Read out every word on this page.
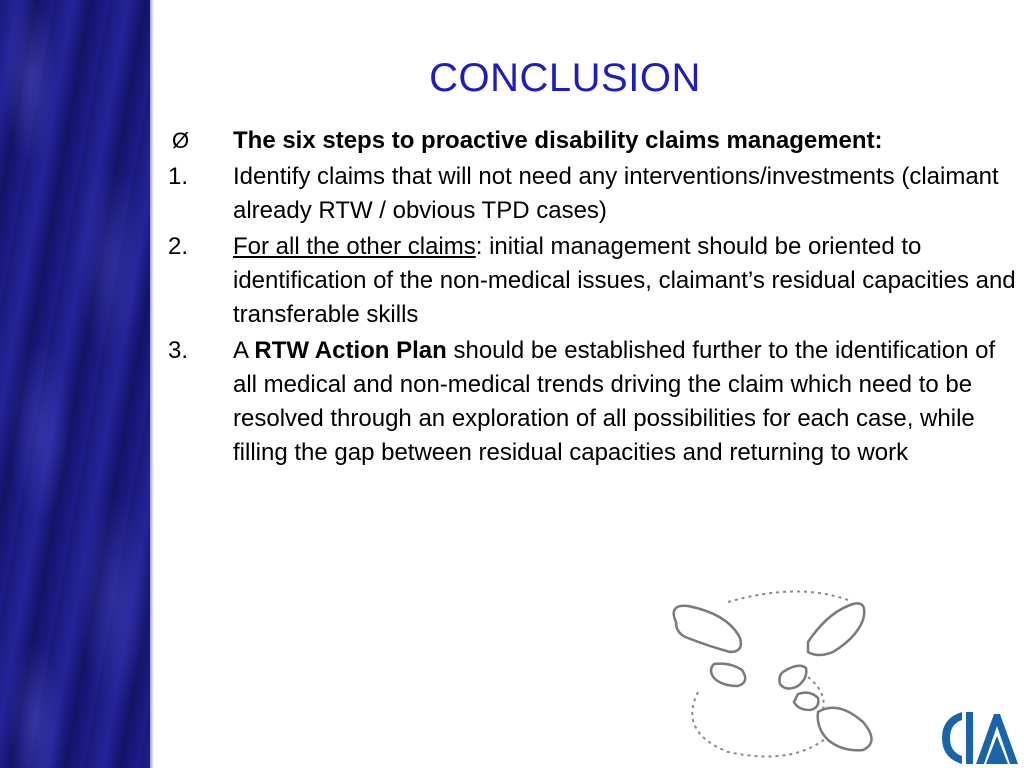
CONCLUSION
Ø	The six steps to proactive disability claims management:
1.	Identify claims that will not need any interventions/investments (claimant already RTW / obvious TPD cases)
2.	For all the other claims: initial management should be oriented to identification of the non-medical issues, claimant’s residual capacities and transferable skills
3.	A RTW Action Plan should be established further to the identification of all medical and non-medical trends driving the claim which need to be resolved through an exploration of all possibilities for each case, while filling the gap between residual capacities and returning to work
